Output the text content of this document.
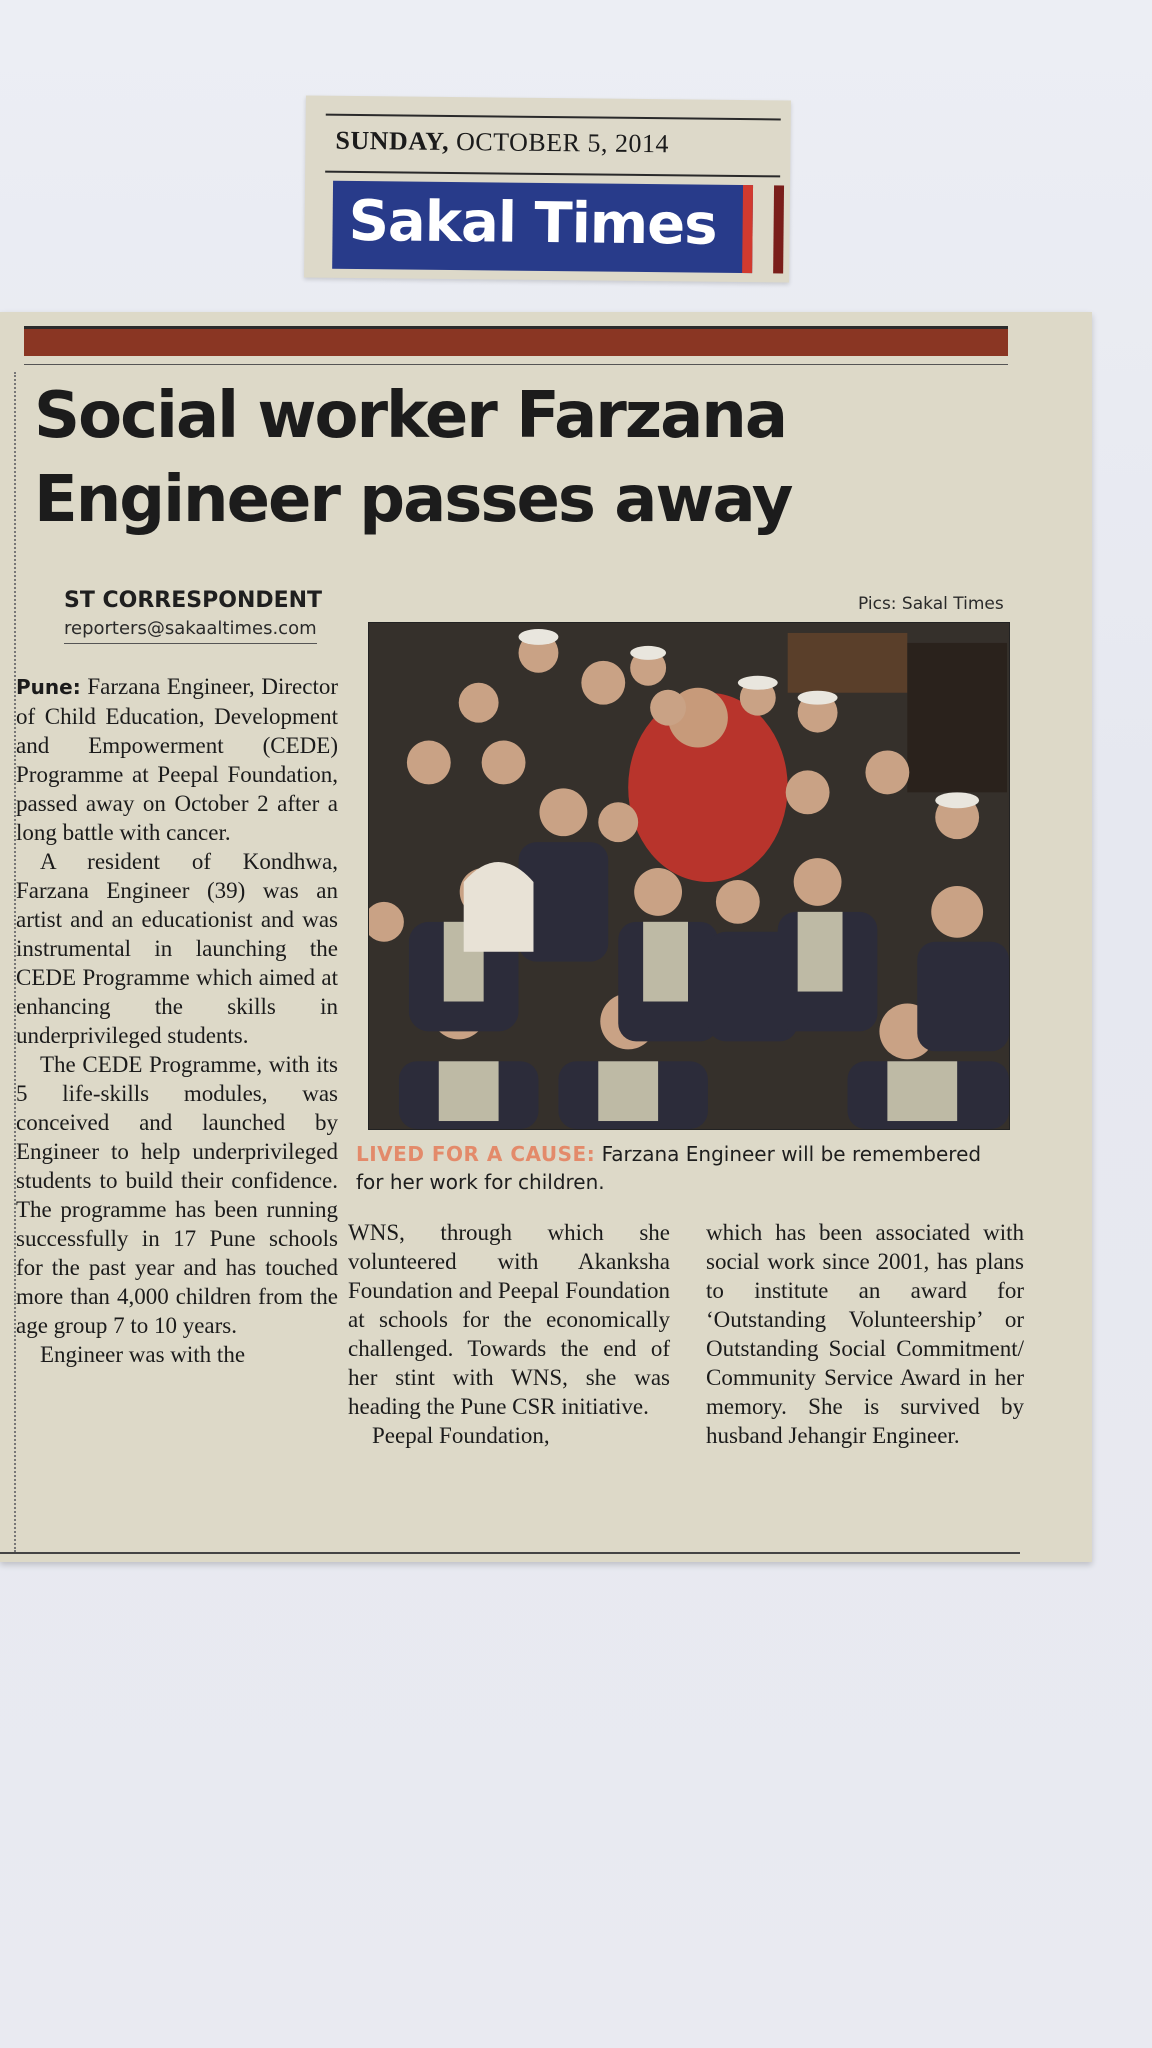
SUNDAY, OCTOBER 5, 2014
Sakal Times
Social worker Farzana Engineer passes away
ST CORRESPONDENT
reporters@sakaaltimes.com
Pics: Sakal Times
LIVED FOR A CAUSE: Farzana Engineer will be remembered for her work for children.

Pune: Farzana Engineer, Director of Child Education, Development and Empowerment (CEDE) Programme at Peepal Foundation, passed away on October 2 after a long battle with cancer.

A resident of Kondhwa, Farzana Engineer (39) was an artist and an educationist and was instrumental in launching the CEDE Programme which aimed at enhancing the skills in underprivileged students.

The CEDE Programme, with its 5 life-skills modules, was conceived and launched by Engineer to help underprivileged students to build their confidence. The programme has been running successfully in 17 Pune schools for the past year and has touched more than 4,000 children from the age group 7 to 10 years.

Engineer was with the

WNS, through which she volunteered with Akanksha Foundation and Peepal Foundation at schools for the economically challenged. Towards the end of her stint with WNS, she was heading the Pune CSR initiative.

Peepal Foundation,

which has been associated with social work since 2001, has plans to institute an award for ‘Outstanding Volunteership’ or Outstanding Social Commitment/ Community Service Award in her memory. She is survived by husband Jehangir Engineer.
